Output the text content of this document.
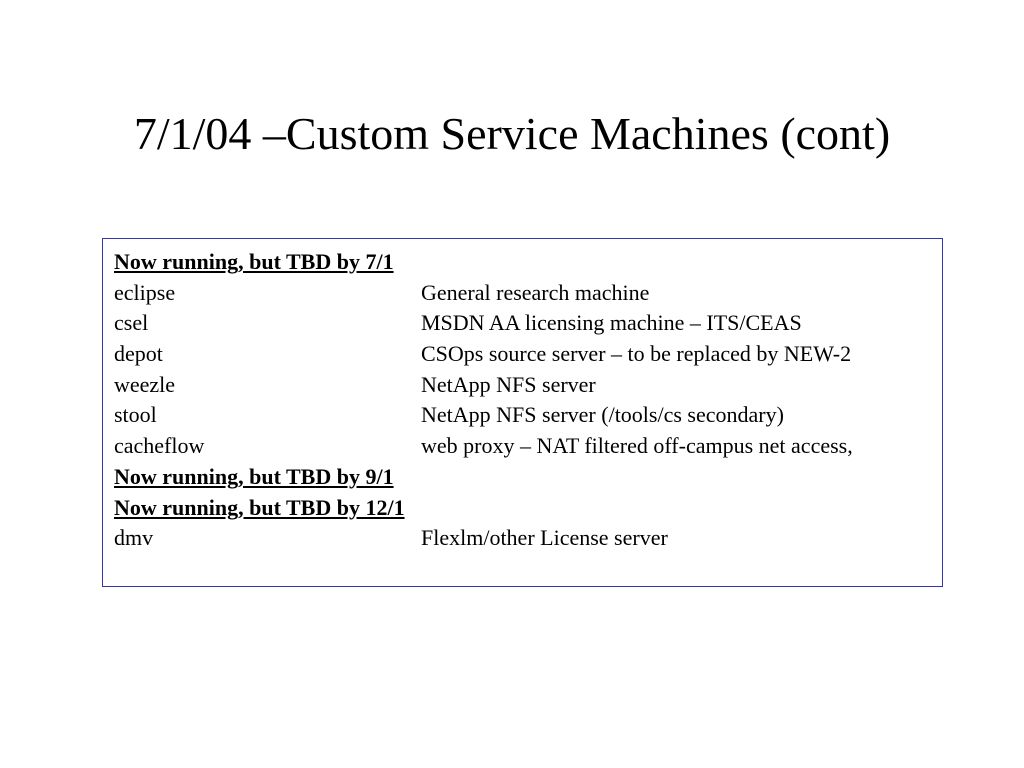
7/1/04 –Custom Service Machines (cont)
Now running, but TBD by 7/1
eclipse	General research machine
csel	MSDN AA licensing machine – ITS/CEAS
depot	CSOps source server – to be replaced by NEW-2
weezle	NetApp NFS server
stool	NetApp NFS server (/tools/cs secondary)
cacheflow	web proxy – NAT filtered off-campus net access,
Now running, but TBD by 9/1
Now running, but TBD by 12/1
dmv	Flexlm/other License server
